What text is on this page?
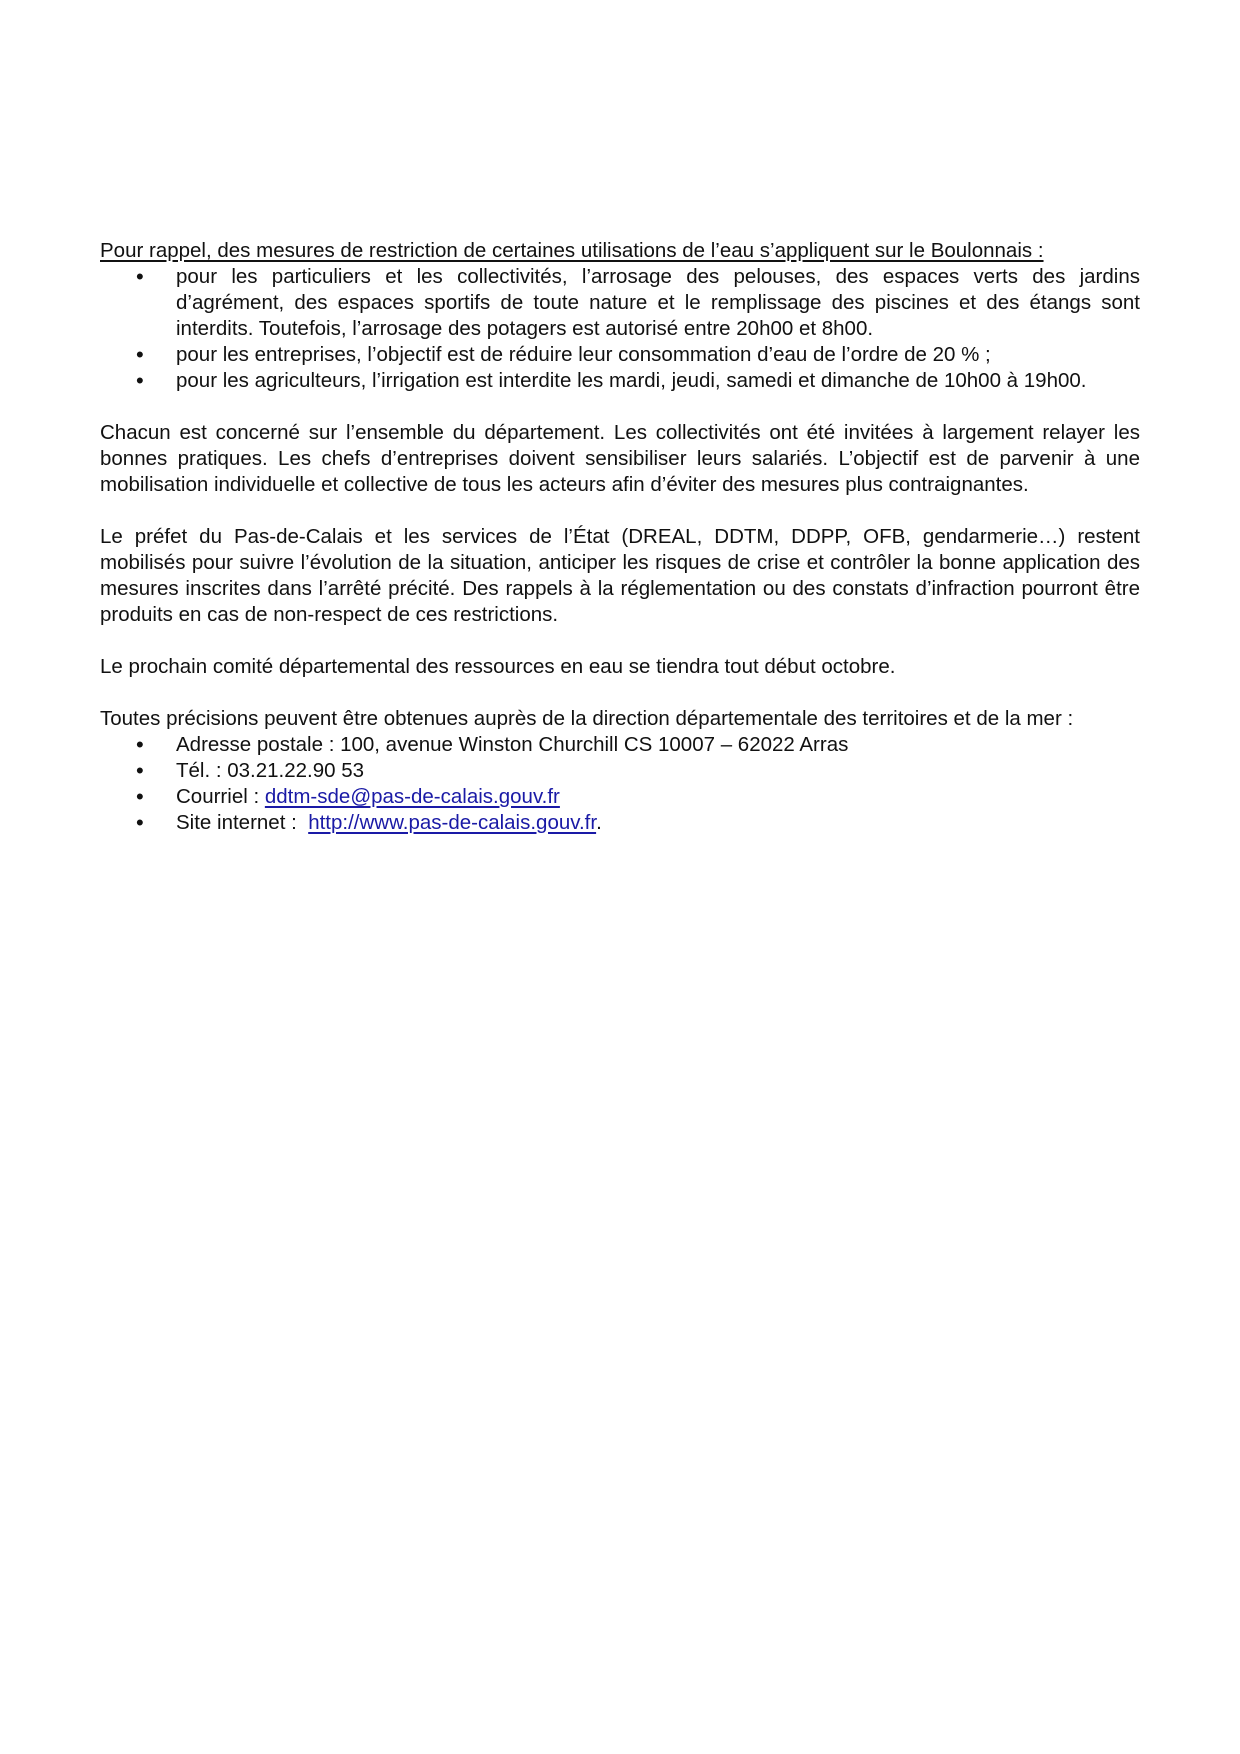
Pour rappel, des mesures de restriction de certaines utilisations de l’eau s’appliquent sur le Boulonnais :

• pour les particuliers et les collectivités, l’arrosage des pelouses, des espaces verts des jardins d’agrément, des espaces sportifs de toute nature et le remplissage des piscines et des étangs sont interdits. Toutefois, l’arrosage des potagers est autorisé entre 20h00 et 8h00.
• pour les entreprises, l’objectif est de réduire leur consommation d’eau de l’ordre de 20 % ;
• pour les agriculteurs, l’irrigation est interdite les mardi, jeudi, samedi et dimanche de 10h00 à 19h00.

Chacun est concerné sur l’ensemble du département. Les collectivités ont été invitées à largement relayer les bonnes pratiques. Les chefs d’entreprises doivent sensibiliser leurs salariés. L’objectif est de parvenir à une mobilisation individuelle et collective de tous les acteurs afin d’éviter des mesures plus contraignantes.

Le préfet du Pas-de-Calais et les services de l’État (DREAL, DDTM, DDPP, OFB, gendarmerie…) restent mobilisés pour suivre l’évolution de la situation, anticiper les risques de crise et contrôler la bonne application des mesures inscrites dans l’arrêté précité. Des rappels à la réglementation ou des constats d’infraction pourront être produits en cas de non-respect de ces restrictions.

Le prochain comité départemental des ressources en eau se tiendra tout début octobre.

Toutes précisions peuvent être obtenues auprès de la direction départementale des territoires et de la mer :

• Adresse postale : 100, avenue Winston Churchill CS 10007 – 62022 Arras
• Tél. : 03.21.22.90 53
• Courriel : ddtm-sde@pas-de-calais.gouv.fr
• Site internet :  http://www.pas-de-calais.gouv.fr.
